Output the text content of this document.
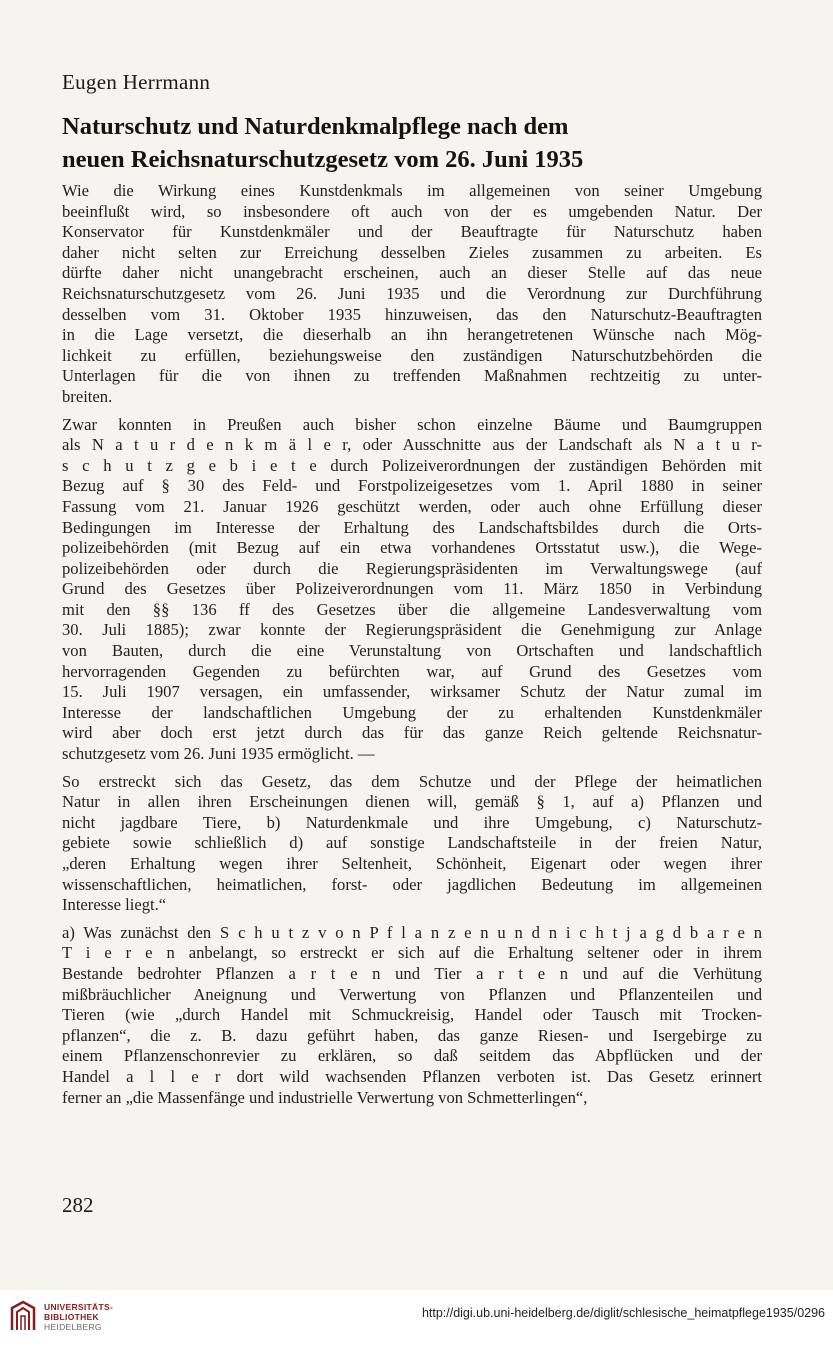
Eugen Herrmann
Naturschutz und Naturdenkmalpflege nach dem
neuen Reichsnaturschutzgesetz vom 26. Juni 1935
Wie die Wirkung eines Kunstdenkmals im allgemeinen von seiner Umgebung
beeinflußt wird, so insbesondere oft auch von der es umgebenden Natur. Der
Konservator für Kunstdenkmäler und der Beauftragte für Naturschutz haben
daher nicht selten zur Erreichung desselben Zieles zusammen zu arbeiten. Es
dürfte daher nicht unangebracht erscheinen, auch an dieser Stelle auf das neue
Reichsnaturschutzgesetz vom 26. Juni 1935 und die Verordnung zur Durchführung
desselben vom 31. Oktober 1935 hinzuweisen, das den Naturschutz-Beauftragten
in die Lage versetzt, die dieserhalb an ihn herangetretenen Wünsche nach Mög-
lichkeit zu erfüllen, beziehungsweise den zuständigen Naturschutzbehörden die
Unterlagen für die von ihnen zu treffenden Maßnahmen rechtzeitig zu unter-
breiten.
Zwar konnten in Preußen auch bisher schon einzelne Bäume und Baumgruppen
als N a t u r d e n k m ä l e r, oder Ausschnitte aus der Landschaft als N a t u r-
s c h u t z g e b i e t e durch Polizeiverordnungen der zuständigen Behörden mit
Bezug auf § 30 des Feld- und Forstpolizeigesetzes vom 1. April 1880 in seiner
Fassung vom 21. Januar 1926 geschützt werden, oder auch ohne Erfüllung dieser
Bedingungen im Interesse der Erhaltung des Landschaftsbildes durch die Orts-
polizeibehörden (mit Bezug auf ein etwa vorhandenes Ortsstatut usw.), die Wege-
polizeibehörden oder durch die Regierungspräsidenten im Verwaltungswege (auf
Grund des Gesetzes über Polizeiverordnungen vom 11. März 1850 in Verbindung
mit den §§ 136 ff des Gesetzes über die allgemeine Landesverwaltung vom
30. Juli 1885); zwar konnte der Regierungspräsident die Genehmigung zur Anlage
von Bauten, durch die eine Verunstaltung von Ortschaften und landschaftlich
hervorragenden Gegenden zu befürchten war, auf Grund des Gesetzes vom
15. Juli 1907 versagen, ein umfassender, wirksamer Schutz der Natur zumal im
Interesse der landschaftlichen Umgebung der zu erhaltenden Kunstdenkmäler
wird aber doch erst jetzt durch das für das ganze Reich geltende Reichsnatur-
schutzgesetz vom 26. Juni 1935 ermöglicht. —
So erstreckt sich das Gesetz, das dem Schutze und der Pflege der heimatlichen
Natur in allen ihren Erscheinungen dienen will, gemäß § 1, auf a) Pflanzen und
nicht jagdbare Tiere, b) Naturdenkmale und ihre Umgebung, c) Naturschutz-
gebiete sowie schließlich d) auf sonstige Landschaftsteile in der freien Natur,
„deren Erhaltung wegen ihrer Seltenheit, Schönheit, Eigenart oder wegen ihrer
wissenschaftlichen, heimatlichen, forst- oder jagdlichen Bedeutung im allgemeinen
Interesse liegt.“
a) Was zunächst den S c h u t z v o n P f l a n z e n u n d n i c h t j a g d b a r e n
T i e r e n anbelangt, so erstreckt er sich auf die Erhaltung seltener oder in ihrem
Bestande bedrohter Pflanzen a r t e n und Tier a r t e n und auf die Verhütung
mißbräuchlicher Aneignung und Verwertung von Pflanzen und Pflanzenteilen und
Tieren (wie „durch Handel mit Schmuckreisig, Handel oder Tausch mit Trocken-
pflanzen“, die z. B. dazu geführt haben, das ganze Riesen- und Isergebirge zu
einem Pflanzenschonrevier zu erklären, so daß seitdem das Abpflücken und der
Handel a l l e r dort wild wachsenden Pflanzen verboten ist. Das Gesetz erinnert
ferner an „die Massenfänge und industrielle Verwertung von Schmetterlingen“,
282
UNIVERSITÄTS-
BIBLIOTHEK
HEIDELBERG
http://digi.ub.uni-heidelberg.de/diglit/schlesische_heimatpflege1935/0296
